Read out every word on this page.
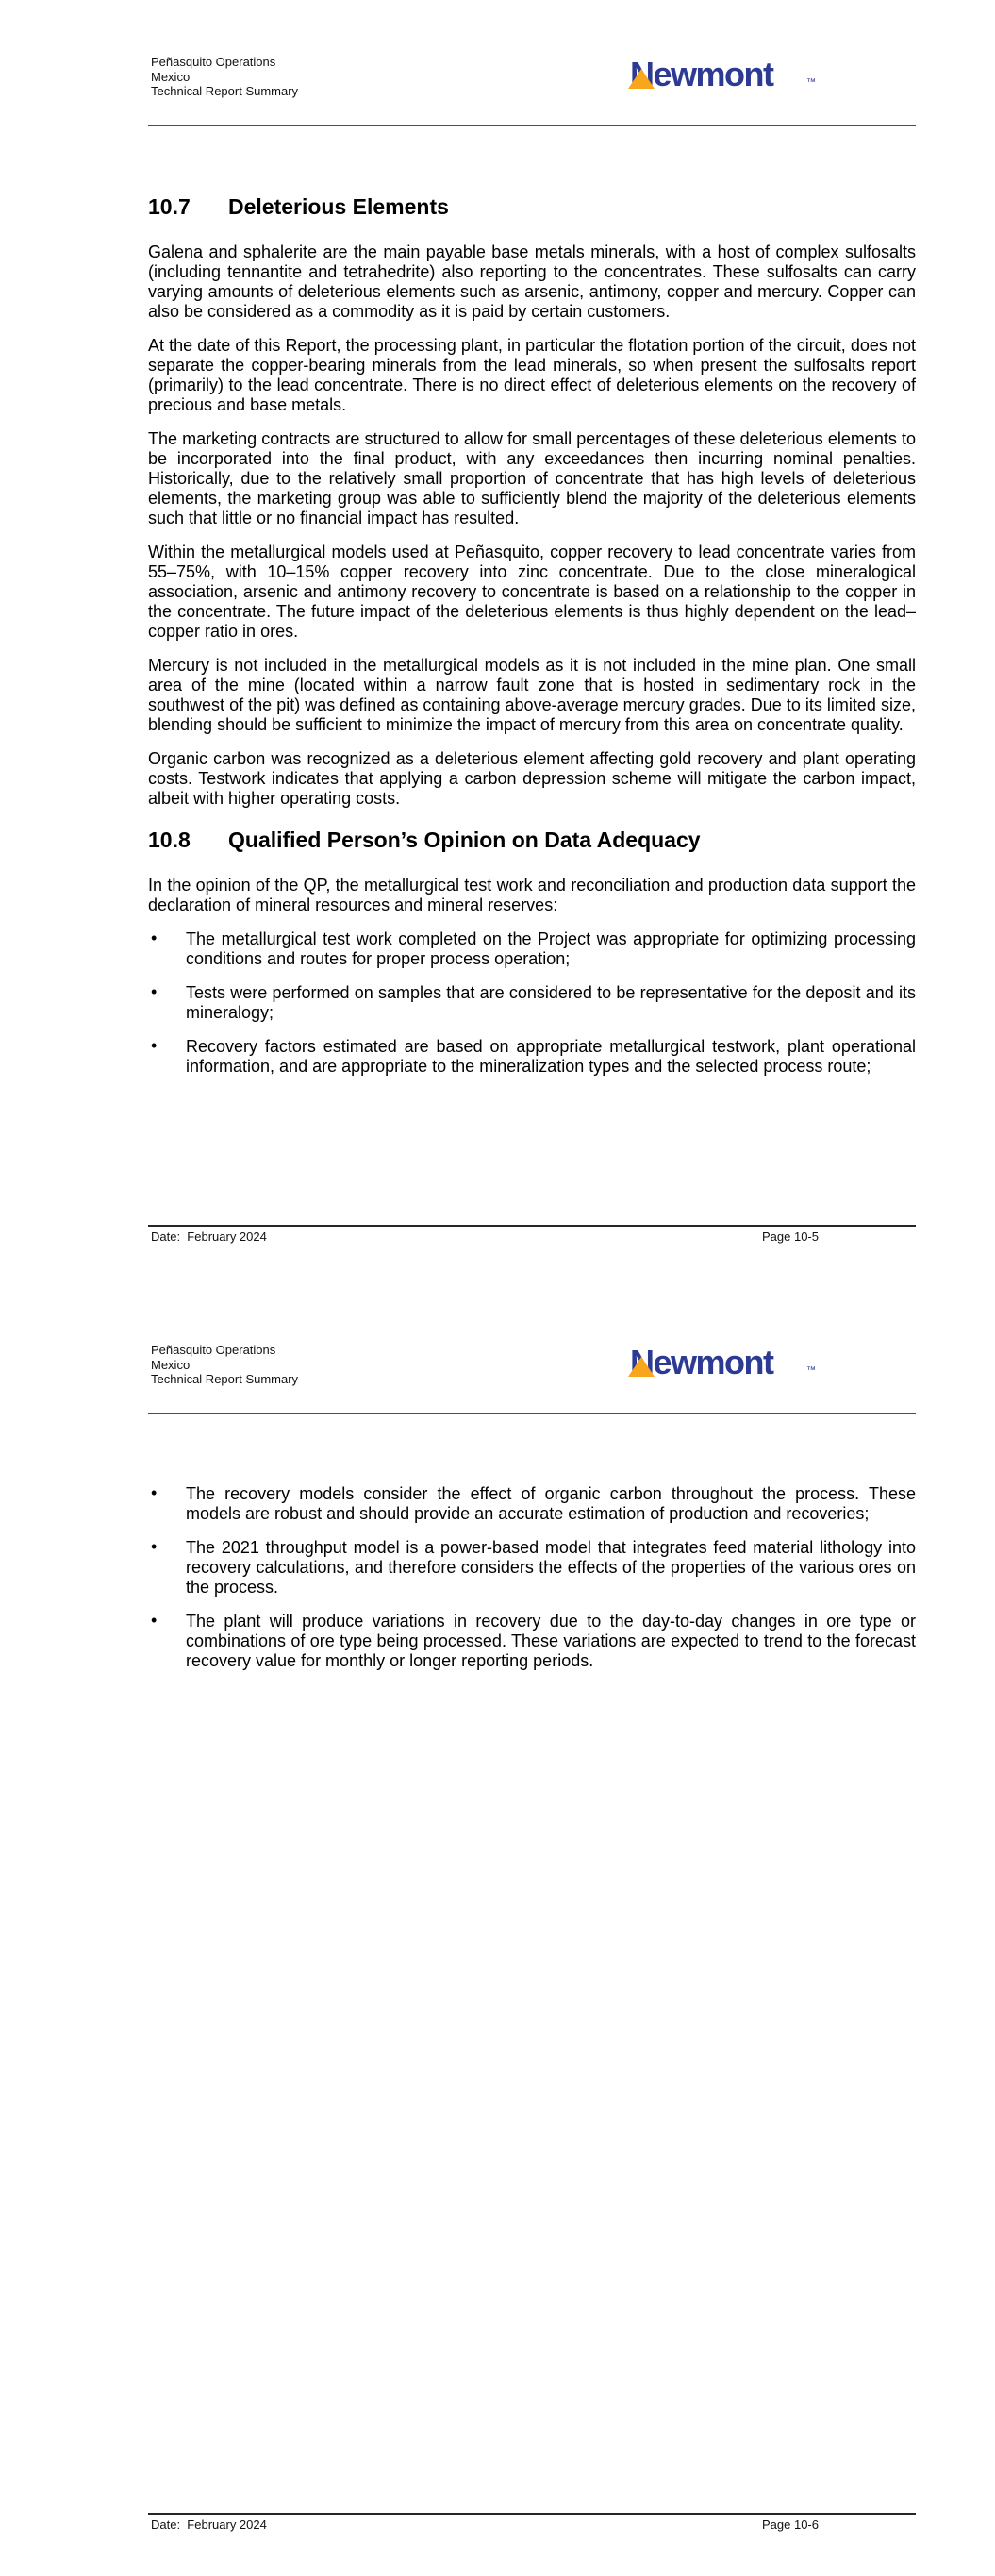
Peñasquito Operations
Mexico
Technical Report Summary	Newmont	™
10.7 Deleterious Elements

Galena and sphalerite are the main payable base metals minerals, with a host of complex sulfosalts (including tennantite and tetrahedrite) also reporting to the concentrates. These sulfosalts can carry varying amounts of deleterious elements such as arsenic, antimony, copper and mercury. Copper can also be considered as a commodity as it is paid by certain customers.

At the date of this Report, the processing plant, in particular the flotation portion of the circuit, does not separate the copper-bearing minerals from the lead minerals, so when present the sulfosalts report (primarily) to the lead concentrate. There is no direct effect of deleterious elements on the recovery of precious and base metals.

The marketing contracts are structured to allow for small percentages of these deleterious elements to be incorporated into the final product, with any exceedances then incurring nominal penalties. Historically, due to the relatively small proportion of concentrate that has high levels of deleterious elements, the marketing group was able to sufficiently blend the majority of the deleterious elements such that little or no financial impact has resulted.

Within the metallurgical models used at Peñasquito, copper recovery to lead concentrate varies from 55–75%, with 10–15% copper recovery into zinc concentrate. Due to the close mineralogical association, arsenic and antimony recovery to concentrate is based on a relationship to the copper in the concentrate. The future impact of the deleterious elements is thus highly dependent on the lead–copper ratio in ores.

Mercury is not included in the metallurgical models as it is not included in the mine plan. One small area of the mine (located within a narrow fault zone that is hosted in sedimentary rock in the southwest of the pit) was defined as containing above-average mercury grades. Due to its limited size, blending should be sufficient to minimize the impact of mercury from this area on concentrate quality.

Organic carbon was recognized as a deleterious element affecting gold recovery and plant operating costs. Testwork indicates that applying a carbon depression scheme will mitigate the carbon impact, albeit with higher operating costs.

10.8 Qualified Person’s Opinion on Data Adequacy

In the opinion of the QP, the metallurgical test work and reconciliation and production data support the declaration of mineral resources and mineral reserves:

• The metallurgical test work completed on the Project was appropriate for optimizing processing conditions and routes for proper process operation;
• Tests were performed on samples that are considered to be representative for the deposit and its mineralogy;
• Recovery factors estimated are based on appropriate metallurgical testwork, plant operational information, and are appropriate to the mineralization types and the selected process route;
Date:  February 2024	Page 10-5
Peñasquito Operations
Mexico
Technical Report Summary	Newmont	™
• The recovery models consider the effect of organic carbon throughout the process. These models are robust and should provide an accurate estimation of production and recoveries;
• The 2021 throughput model is a power-based model that integrates feed material lithology into recovery calculations, and therefore considers the effects of the properties of the various ores on the process.
• The plant will produce variations in recovery due to the day-to-day changes in ore type or combinations of ore type being processed. These variations are expected to trend to the forecast recovery value for monthly or longer reporting periods.
Date:  February 2024	Page 10-6
